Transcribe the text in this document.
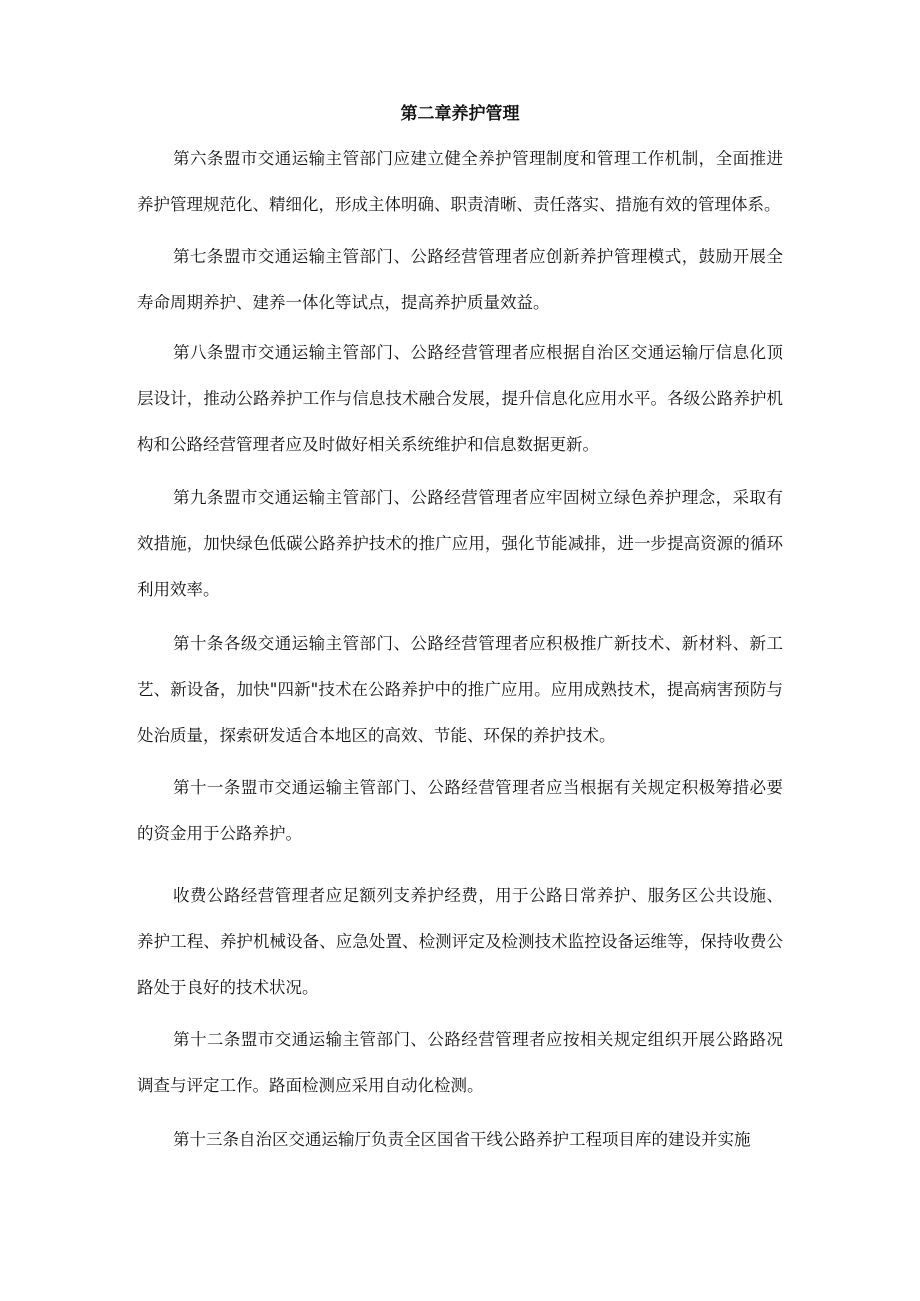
第二章养护管理

第六条盟市交通运输主管部门应建立健全养护管理制度和管理工作机制，全面推进养护管理规范化、精细化，形成主体明确、职责清晰、责任落实、措施有效的管理体系。

第七条盟市交通运输主管部门、公路经营管理者应创新养护管理模式，鼓励开展全寿命周期养护、建养一体化等试点，提高养护质量效益。

第八条盟市交通运输主管部门、公路经营管理者应根据自治区交通运输厅信息化顶层设计，推动公路养护工作与信息技术融合发展，提升信息化应用水平。各级公路养护机构和公路经营管理者应及时做好相关系统维护和信息数据更新。

第九条盟市交通运输主管部门、公路经营管理者应牢固树立绿色养护理念，采取有效措施，加快绿色低碳公路养护技术的推广应用，强化节能减排，进一步提高资源的循环利用效率。

第十条各级交通运输主管部门、公路经营管理者应积极推广新技术、新材料、新工艺、新设备，加快"四新"技术在公路养护中的推广应用。应用成熟技术，提高病害预防与处治质量，探索研发适合本地区的高效、节能、环保的养护技术。

第十一条盟市交通运输主管部门、公路经营管理者应当根据有关规定积极筹措必要的资金用于公路养护。

收费公路经营管理者应足额列支养护经费，用于公路日常养护、服务区公共设施、养护工程、养护机械设备、应急处置、检测评定及检测技术监控设备运维等，保持收费公路处于良好的技术状况。

第十二条盟市交通运输主管部门、公路经营管理者应按相关规定组织开展公路路况调查与评定工作。路面检测应采用自动化检测。

第十三条自治区交通运输厅负责全区国省干线公路养护工程项目库的建设并实施
